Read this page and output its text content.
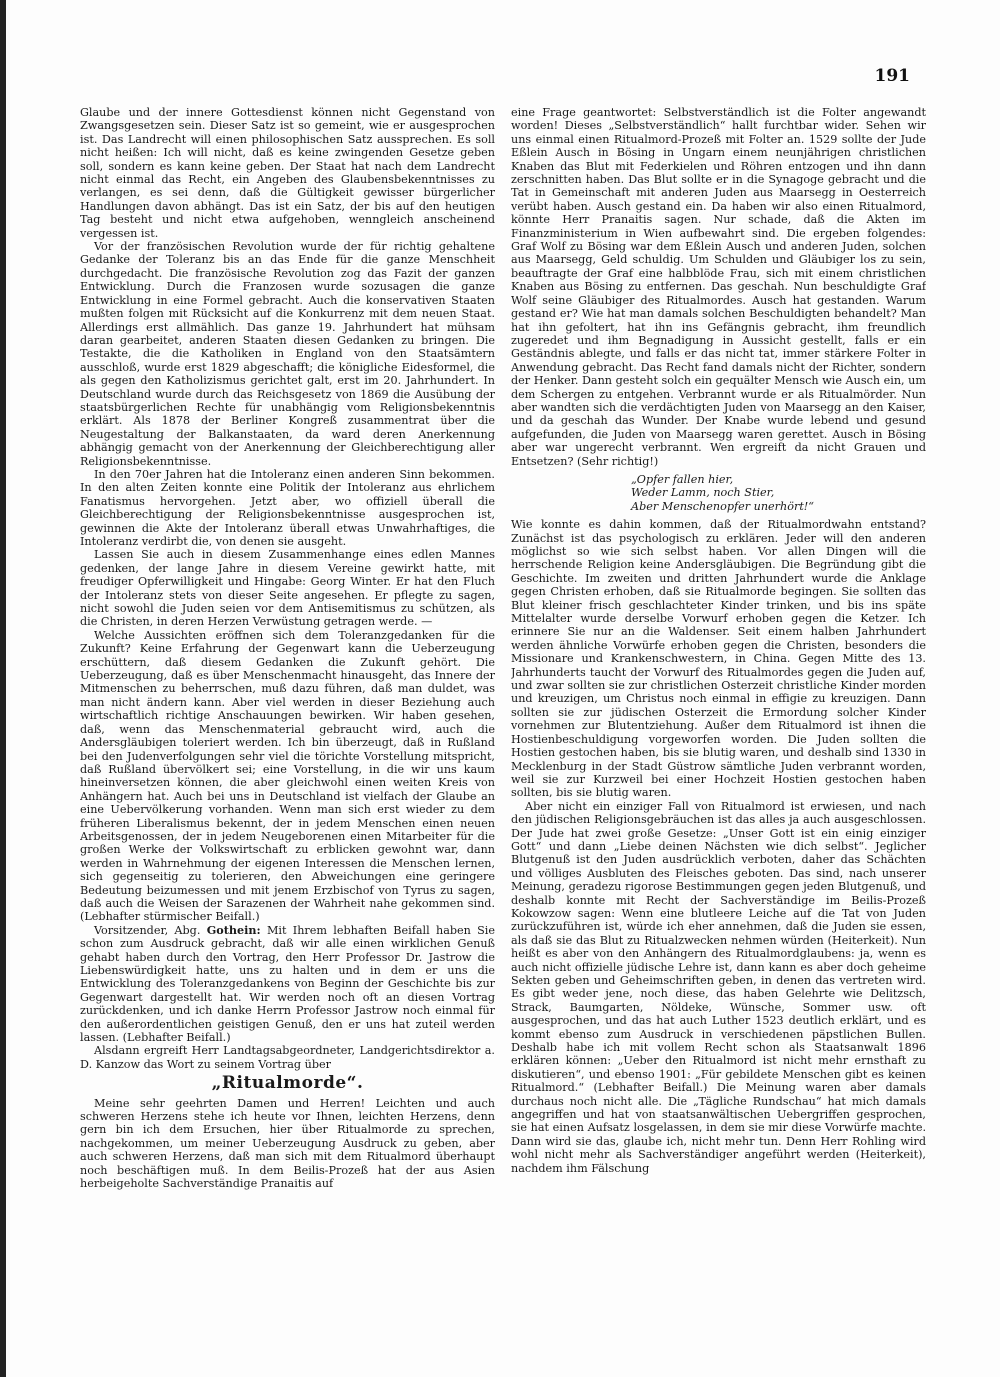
191

Glaube und der innere Gottesdienst können nicht Gegenstand von Zwangsgesetzen sein. Dieser Satz ist so gemeint, wie er ausgesprochen ist. Das Landrecht will einen philosophischen Satz aussprechen. Es soll nicht heißen: Ich will nicht, daß es keine zwingenden Gesetze geben soll, sondern es kann keine geben. Der Staat hat nach dem Landrecht nicht einmal das Recht, ein Angeben des Glaubensbekenntnisses zu verlangen, es sei denn, daß die Gültigkeit gewisser bürgerlicher Handlungen davon abhängt. Das ist ein Satz, der bis auf den heutigen Tag besteht und nicht etwa aufgehoben, wenngleich anscheinend vergessen ist.

Vor der französischen Revolution wurde der für richtig gehaltene Gedanke der Toleranz bis an das Ende für die ganze Menschheit durchgedacht. Die französische Revolution zog das Fazit der ganzen Entwicklung. Durch die Franzosen wurde sozusagen die ganze Entwicklung in eine Formel gebracht. Auch die konservativen Staaten mußten folgen mit Rücksicht auf die Konkurrenz mit dem neuen Staat. Allerdings erst allmählich. Das ganze 19. Jahrhundert hat mühsam daran gearbeitet, anderen Staaten diesen Gedanken zu bringen. Die Testakte, die die Katholiken in England von den Staatsämtern ausschloß, wurde erst 1829 abgeschafft; die königliche Eidesformel, die als gegen den Katholizismus gerichtet galt, erst im 20. Jahrhundert. In Deutschland wurde durch das Reichsgesetz von 1869 die Ausübung der staatsbürgerlichen Rechte für unabhängig vom Religionsbekenntnis erklärt. Als 1878 der Berliner Kongreß zusammentrat über die Neugestaltung der Balkanstaaten, da ward deren Anerkennung abhängig gemacht von der Anerkennung der Gleichberechtigung aller Religionsbekenntnisse.

In den 70er Jahren hat die Intoleranz einen anderen Sinn bekommen. In den alten Zeiten konnte eine Politik der Intoleranz aus ehrlichem Fanatismus hervorgehen. Jetzt aber, wo offiziell überall die Gleichberechtigung der Religionsbekenntnisse ausgesprochen ist, gewinnen die Akte der Intoleranz überall etwas Unwahrhaftiges, die Intoleranz verdirbt die, von denen sie ausgeht.

Lassen Sie auch in diesem Zusammenhange eines edlen Mannes gedenken, der lange Jahre in diesem Vereine gewirkt hatte, mit freudiger Opferwilligkeit und Hingabe: Georg Winter. Er hat den Fluch der Intoleranz stets von dieser Seite angesehen. Er pflegte zu sagen, nicht sowohl die Juden seien vor dem Antisemitismus zu schützen, als die Christen, in deren Herzen Verwüstung getragen werde. —

Welche Aussichten eröffnen sich dem Toleranzgedanken für die Zukunft? Keine Erfahrung der Gegenwart kann die Ueberzeugung erschüttern, daß diesem Gedanken die Zukunft gehört. Die Ueberzeugung, daß es über Menschenmacht hinausgeht, das Innere der Mitmenschen zu beherrschen, muß dazu führen, daß man duldet, was man nicht ändern kann. Aber viel werden in dieser Beziehung auch wirtschaftlich richtige Anschauungen bewirken. Wir haben gesehen, daß, wenn das Menschenmaterial gebraucht wird, auch die Andersgläubigen toleriert werden. Ich bin überzeugt, daß in Rußland bei den Judenverfolgungen sehr viel die törichte Vorstellung mitspricht, daß Rußland übervölkert sei; eine Vorstellung, in die wir uns kaum hineinversetzen können, die aber gleichwohl einen weiten Kreis von Anhängern hat. Auch bei uns in Deutschland ist vielfach der Glaube an eine Uebervölkerung vorhanden. Wenn man sich erst wieder zu dem früheren Liberalismus bekennt, der in jedem Menschen einen neuen Arbeitsgenossen, der in jedem Neugeborenen einen Mitarbeiter für die großen Werke der Volkswirtschaft zu erblicken gewohnt war, dann werden in Wahrnehmung der eigenen Interessen die Menschen lernen, sich gegenseitig zu tolerieren, den Abweichungen eine geringere Bedeutung beizumessen und mit jenem Erzbischof von Tyrus zu sagen, daß auch die Weisen der Sarazenen der Wahrheit nahe gekommen sind. (Lebhafter stürmischer Beifall.)

Vorsitzender, Abg. Gothein: Mit Ihrem lebhaften Beifall haben Sie schon zum Ausdruck gebracht, daß wir alle einen wirklichen Genuß gehabt haben durch den Vortrag, den Herr Professor Dr. Jastrow die Liebenswürdigkeit hatte, uns zu halten und in dem er uns die Entwicklung des Toleranzgedankens von Beginn der Geschichte bis zur Gegenwart dargestellt hat. Wir werden noch oft an diesen Vortrag zurückdenken, und ich danke Herrn Professor Jastrow noch einmal für den außerordentlichen geistigen Genuß, den er uns hat zuteil werden lassen. (Lebhafter Beifall.)

Alsdann ergreift Herr Landtagsabgeordneter, Landgerichtsdirektor a. D. Kanzow das Wort zu seinem Vortrag über

„Ritualmorde“.

Meine sehr geehrten Damen und Herren! Leichten und auch schweren Herzens stehe ich heute vor Ihnen, leichten Herzens, denn gern bin ich dem Ersuchen, hier über Ritualmorde zu sprechen, nachgekommen, um meiner Ueberzeugung Ausdruck zu geben, aber auch schweren Herzens, daß man sich mit dem Ritualmord überhaupt noch beschäftigen muß. In dem Beilis-Prozeß hat der aus Asien herbeigeholte Sachverständige Pranaitis auf

eine Frage geantwortet: Selbstverständlich ist die Folter angewandt worden! Dieses „Selbstverständlich“ hallt furchtbar wider. Sehen wir uns einmal einen Ritualmord-Prozeß mit Folter an. 1529 sollte der Jude Eßlein Ausch in Bösing in Ungarn einem neunjährigen christlichen Knaben das Blut mit Federkielen und Röhren entzogen und ihn dann zerschnitten haben. Das Blut sollte er in die Synagoge gebracht und die Tat in Gemeinschaft mit anderen Juden aus Maarsegg in Oesterreich verübt haben. Ausch gestand ein. Da haben wir also einen Ritualmord, könnte Herr Pranaitis sagen. Nur schade, daß die Akten im Finanzministerium in Wien aufbewahrt sind. Die ergeben folgendes: Graf Wolf zu Bösing war dem Eßlein Ausch und anderen Juden, solchen aus Maarsegg, Geld schuldig. Um Schulden und Gläubiger los zu sein, beauftragte der Graf eine halbblöde Frau, sich mit einem christlichen Knaben aus Bösing zu entfernen. Das geschah. Nun beschuldigte Graf Wolf seine Gläubiger des Ritualmordes. Ausch hat gestanden. Warum gestand er? Wie hat man damals solchen Beschuldigten behandelt? Man hat ihn gefoltert, hat ihn ins Gefängnis gebracht, ihm freundlich zugeredet und ihm Begnadigung in Aussicht gestellt, falls er ein Geständnis ablegte, und falls er das nicht tat, immer stärkere Folter in Anwendung gebracht. Das Recht fand damals nicht der Richter, sondern der Henker. Dann gesteht solch ein gequälter Mensch wie Ausch ein, um dem Schergen zu entgehen. Verbrannt wurde er als Ritualmörder. Nun aber wandten sich die verdächtigten Juden von Maarsegg an den Kaiser, und da geschah das Wunder. Der Knabe wurde lebend und gesund aufgefunden, die Juden von Maarsegg waren gerettet. Ausch in Bösing aber war ungerecht verbrannt. Wen ergreift da nicht Grauen und Entsetzen? (Sehr richtig!)

„Opfer fallen hier,
Weder Lamm, noch Stier,
Aber Menschenopfer unerhört!“

Wie konnte es dahin kommen, daß der Ritualmordwahn entstand? Zunächst ist das psychologisch zu erklären. Jeder will den anderen möglichst so wie sich selbst haben. Vor allen Dingen will die herrschende Religion keine Andersgläubigen. Die Begründung gibt die Geschichte. Im zweiten und dritten Jahrhundert wurde die Anklage gegen Christen erhoben, daß sie Ritualmorde begingen. Sie sollten das Blut kleiner frisch geschlachteter Kinder trinken, und bis ins späte Mittelalter wurde derselbe Vorwurf erhoben gegen die Ketzer. Ich erinnere Sie nur an die Waldenser. Seit einem halben Jahrhundert werden ähnliche Vorwürfe erhoben gegen die Christen, besonders die Missionare und Krankenschwestern, in China. Gegen Mitte des 13. Jahrhunderts taucht der Vorwurf des Ritualmordes gegen die Juden auf, und zwar sollten sie zur christlichen Osterzeit christliche Kinder morden und kreuzigen, um Christus noch einmal in effigie zu kreuzigen. Dann sollten sie zur jüdischen Osterzeit die Ermordung solcher Kinder vornehmen zur Blutentziehung. Außer dem Ritualmord ist ihnen die Hostienbeschuldigung vorgeworfen worden. Die Juden sollten die Hostien gestochen haben, bis sie blutig waren, und deshalb sind 1330 in Mecklenburg in der Stadt Güstrow sämtliche Juden verbrannt worden, weil sie zur Kurzweil bei einer Hochzeit Hostien gestochen haben sollten, bis sie blutig waren.

Aber nicht ein einziger Fall von Ritualmord ist erwiesen, und nach den jüdischen Religionsgebräuchen ist das alles ja auch ausgeschlossen. Der Jude hat zwei große Gesetze: „Unser Gott ist ein einig einziger Gott“ und dann „Liebe deinen Nächsten wie dich selbst“. Jeglicher Blutgenuß ist den Juden ausdrücklich verboten, daher das Schächten und völliges Ausbluten des Fleisches geboten. Das sind, nach unserer Meinung, geradezu rigorose Bestimmungen gegen jeden Blutgenuß, und deshalb konnte mit Recht der Sachverständige im Beilis-Prozeß Kokowzow sagen: Wenn eine blutleere Leiche auf die Tat von Juden zurückzuführen ist, würde ich eher annehmen, daß die Juden sie essen, als daß sie das Blut zu Ritualzwecken nehmen würden (Heiterkeit). Nun heißt es aber von den Anhängern des Ritualmordglaubens: ja, wenn es auch nicht offizielle jüdische Lehre ist, dann kann es aber doch geheime Sekten geben und Geheimschriften geben, in denen das vertreten wird. Es gibt weder jene, noch diese, das haben Gelehrte wie Delitzsch, Strack, Baumgarten, Nöldeke, Wünsche, Sommer usw. oft ausgesprochen, und das hat auch Luther 1523 deutlich erklärt, und es kommt ebenso zum Ausdruck in verschiedenen päpstlichen Bullen. Deshalb habe ich mit vollem Recht schon als Staatsanwalt 1896 erklären können: „Ueber den Ritualmord ist nicht mehr ernsthaft zu diskutieren“, und ebenso 1901: „Für gebildete Menschen gibt es keinen Ritualmord.“ (Lebhafter Beifall.) Die Meinung waren aber damals durchaus noch nicht alle. Die „Tägliche Rundschau“ hat mich damals angegriffen und hat von staatsanwältischen Uebergriffen gesprochen, sie hat einen Aufsatz losgelassen, in dem sie mir diese Vorwürfe machte. Dann wird sie das, glaube ich, nicht mehr tun. Denn Herr Rohling wird wohl nicht mehr als Sachverständiger angeführt werden (Heiterkeit), nachdem ihm Fälschung
